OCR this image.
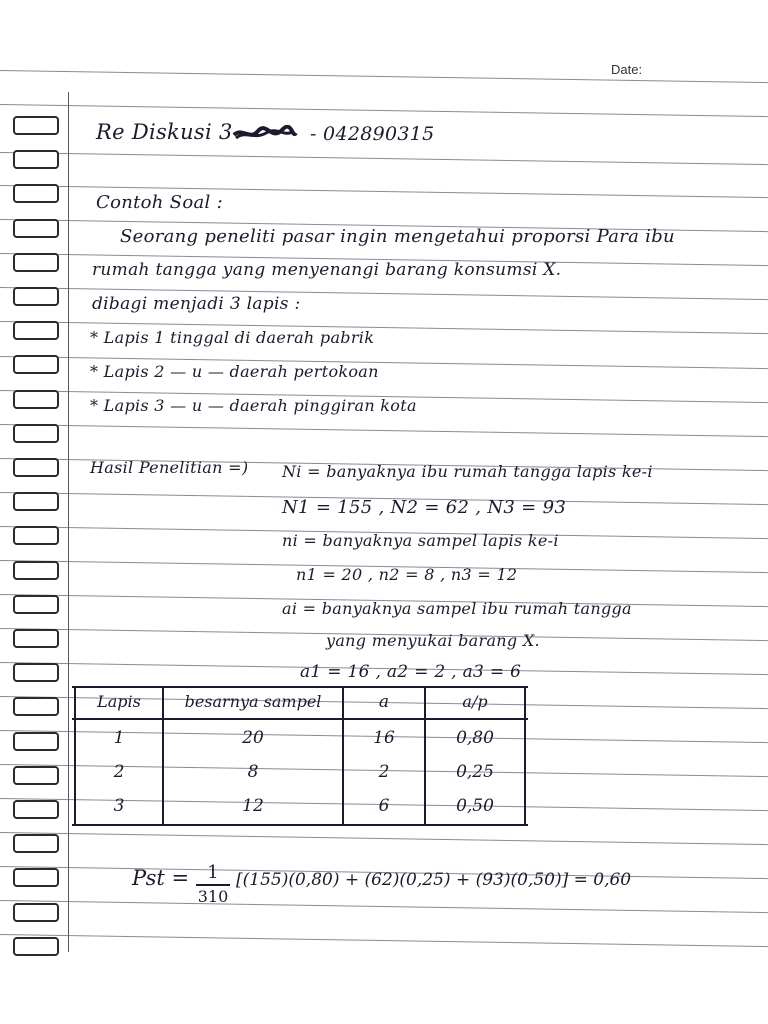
Date:
Re Diskusi 3	- 042890315
Contoh Soal :
Seorang peneliti pasar ingin mengetahui proporsi Para ibu
rumah tangga yang menyenangi barang konsumsi X.
dibagi menjadi 3 lapis :
* Lapis 1 tinggal di daerah pabrik
* Lapis 2 — u — daerah pertokoan
* Lapis 3 — u — daerah pinggiran kota
Hasil Penelitian =) Ni = banyaknya ibu rumah tangga lapis ke-i
N1 = 155 , N2 = 62 , N3 = 93
ni = banyaknya sampel lapis ke-i
n1 = 20 , n2 = 8 , n3 = 12
ai = banyaknya sampel ibu rumah tangga
yang menyukai barang X.
a1 = 16 , a2 = 2 , a3 = 6
Lapis	besarnya sampel	a	a/p
1	20	16	0,80
2	8	2	0,25
3	12	6	0,50
Pst =	1
310
[(155)(0,80) + (62)(0,25) + (93)(0,50)] = 0,60
